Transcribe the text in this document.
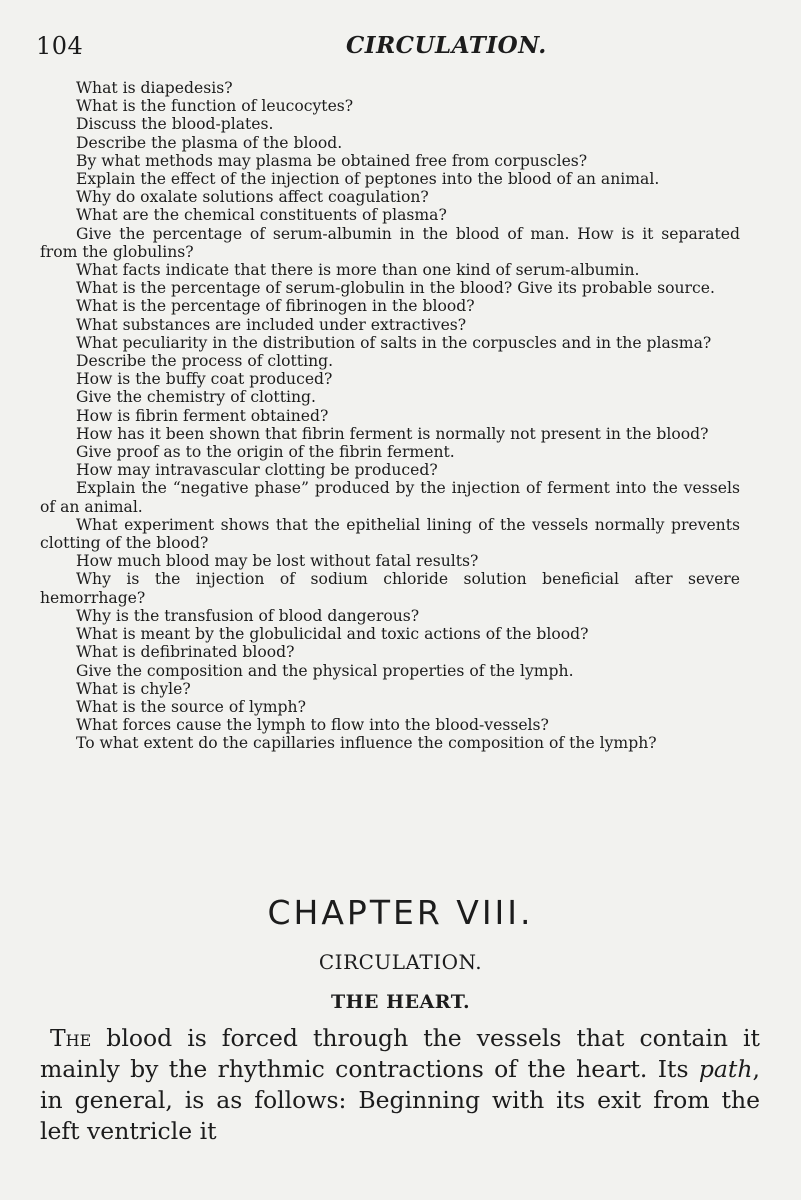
104	CIRCULATION.

What is diapedesis?

What is the function of leucocytes?

Discuss the blood-plates.

Describe the plasma of the blood.

By what methods may plasma be obtained free from corpuscles?

Explain the effect of the injection of peptones into the blood of an animal.

Why do oxalate solutions affect coagulation?

What are the chemical constituents of plasma?

Give the percentage of serum-albumin in the blood of man. How is it separated from the globulins?

What facts indicate that there is more than one kind of serum-albumin.

What is the percentage of serum-globulin in the blood? Give its probable source.

What is the percentage of fibrinogen in the blood?

What substances are included under extractives?

What peculiarity in the distribution of salts in the corpuscles and in the plasma?

Describe the process of clotting.

How is the buffy coat produced?

Give the chemistry of clotting.

How is fibrin ferment obtained?

How has it been shown that fibrin ferment is normally not present in the blood?

Give proof as to the origin of the fibrin ferment.

How may intravascular clotting be produced?

Explain the “negative phase” produced by the injection of ferment into the vessels of an animal.

What experiment shows that the epithelial lining of the vessels normally prevents clotting of the blood?

How much blood may be lost without fatal results?

Why is the injection of sodium chloride solution beneficial after severe hemorrhage?

Why is the transfusion of blood dangerous?

What is meant by the globulicidal and toxic actions of the blood?

What is defibrinated blood?

Give the composition and the physical properties of the lymph.

What is chyle?

What is the source of lymph?

What forces cause the lymph to flow into the blood-vessels?

To what extent do the capillaries influence the composition of the lymph?

CHAPTER VIII.
CIRCULATION.
THE HEART.

The blood is forced through the vessels that contain it mainly by the rhythmic contractions of the heart. Its path, in general, is as follows: Beginning with its exit from the left ventricle it
